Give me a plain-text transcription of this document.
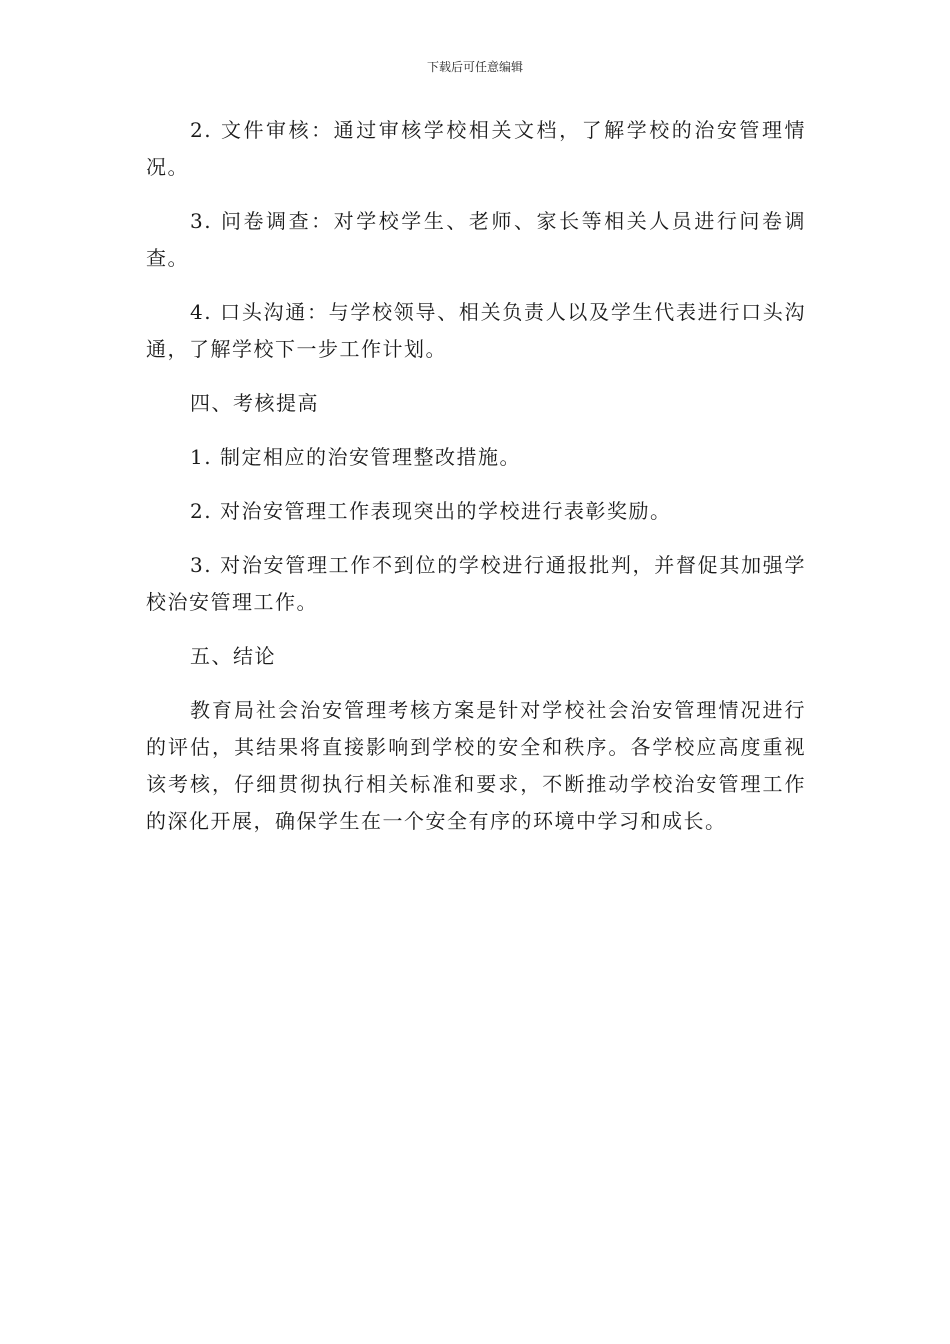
下载后可任意编辑

2. 文件审核：通过审核学校相关文档，了解学校的治安管理情况。

3. 问卷调查：对学校学生、老师、家长等相关人员进行问卷调查。

4. 口头沟通：与学校领导、相关负责人以及学生代表进行口头沟通，了解学校下一步工作计划。

四、考核提高

1. 制定相应的治安管理整改措施。

2. 对治安管理工作表现突出的学校进行表彰奖励。

3. 对治安管理工作不到位的学校进行通报批判，并督促其加强学校治安管理工作。

五、结论

教育局社会治安管理考核方案是针对学校社会治安管理情况进行的评估，其结果将直接影响到学校的安全和秩序。各学校应高度重视该考核，仔细贯彻执行相关标准和要求，不断推动学校治安管理工作的深化开展，确保学生在一个安全有序的环境中学习和成长。
